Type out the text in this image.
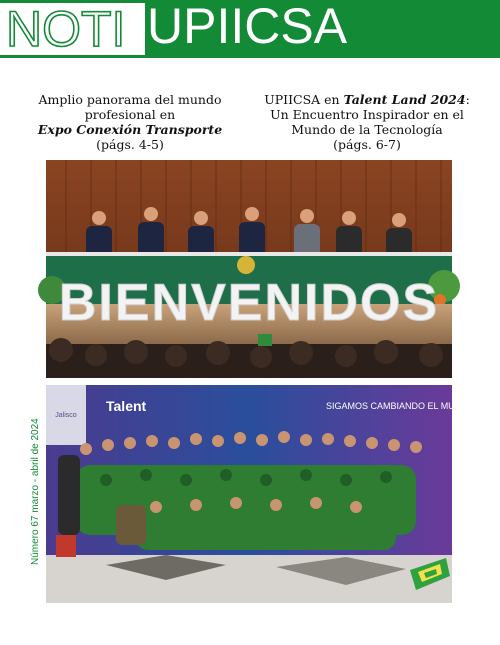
NOTI UPIICSA
Amplio panorama del mundo profesional en
Expo Conexión Transporte
(págs. 4-5)
UPIICSA en Talent Land 2024: Un Encuentro Inspirador en el Mundo de la Tecnología
(págs. 6-7)
BIENVENIDOS
Jalisco
Talent	SIGAMOS CAMBIANDO EL MUNDO
Número 67 marzo - abril de 2024
